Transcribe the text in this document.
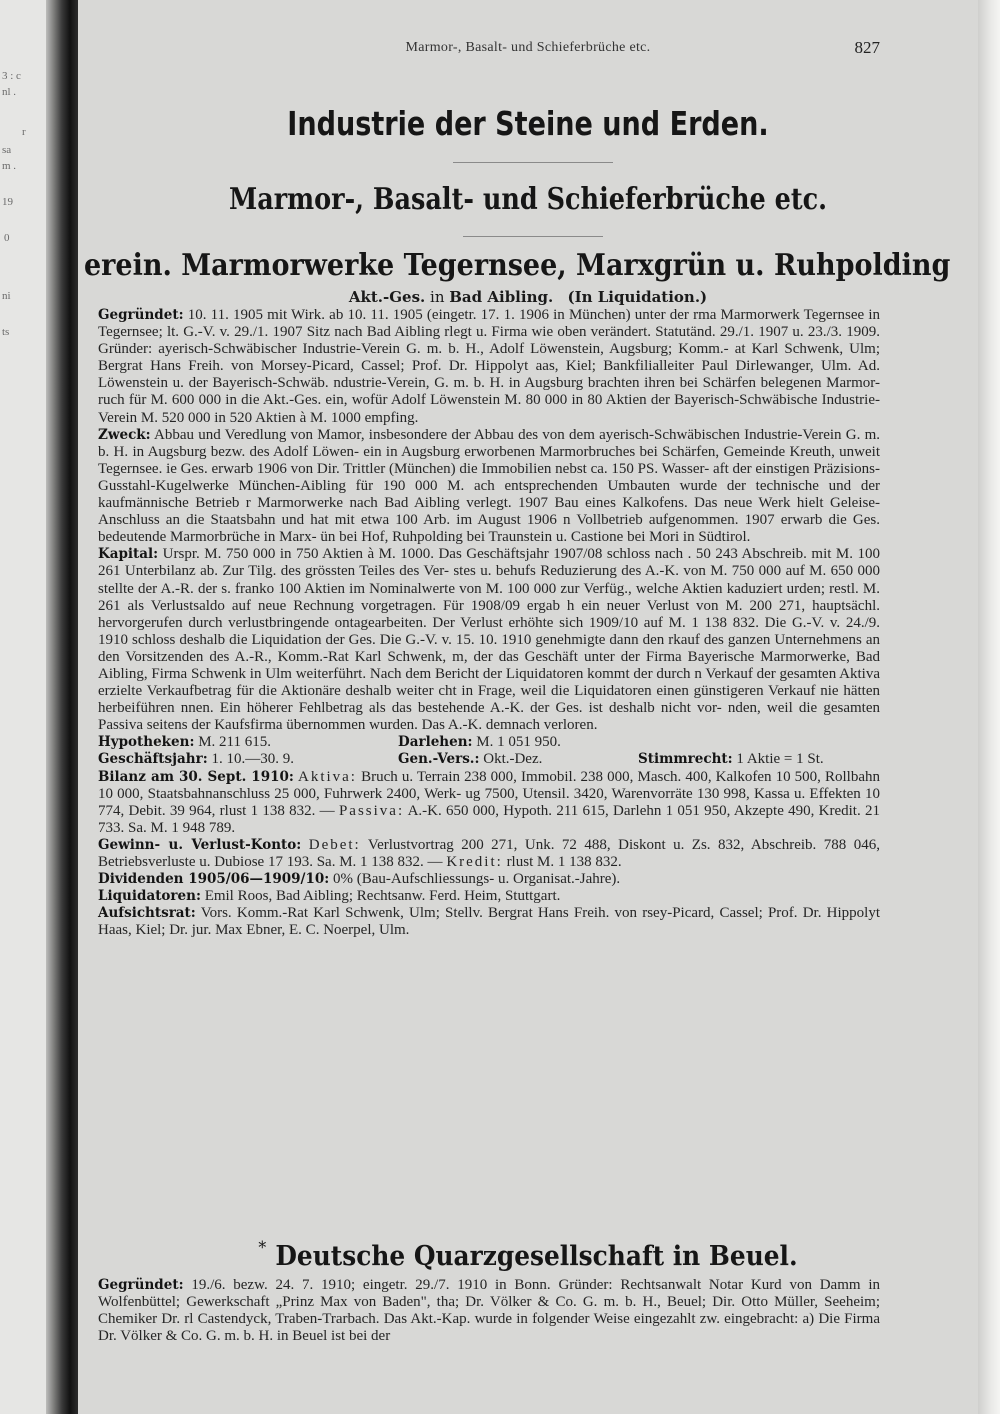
3 : c
nl .
r
sa
m .
19
0
ni
ts
Marmor-, Basalt- und Schieferbrüche etc.	827
Industrie der Steine und Erden.
Marmor-, Basalt- und Schieferbrüche etc.
erein. Marmorwerke Tegernsee, Marxgrün u. Ruhpolding
Akt.-Ges. in Bad Aibling. (In Liquidation.)

Gegründet: 10. 11. 1905 mit Wirk. ab 10. 11. 1905 (eingetr. 17. 1. 1906 in München) unter der rma Marmorwerk Tegernsee in Tegernsee; lt. G.-V. v. 29./1. 1907 Sitz nach Bad Aibling rlegt u. Firma wie oben verändert. Statutänd. 29./1. 1907 u. 23./3. 1909. Gründer: ayerisch-Schwäbischer Industrie-Verein G. m. b. H., Adolf Löwenstein, Augsburg; Komm.- at Karl Schwenk, Ulm; Bergrat Hans Freih. von Morsey-Picard, Cassel; Prof. Dr. Hippolyt aas, Kiel; Bankfilialleiter Paul Dirlewanger, Ulm. Ad. Löwenstein u. der Bayerisch-Schwäb. ndustrie-Verein, G. m. b. H. in Augsburg brachten ihren bei Schärfen belegenen Marmor- ruch für M. 600 000 in die Akt.-Ges. ein, wofür Adolf Löwenstein M. 80 000 in 80 Aktien der Bayerisch-Schwäbische Industrie-Verein M. 520 000 in 520 Aktien à M. 1000 empfing.

Zweck: Abbau und Veredlung von Mamor, insbesondere der Abbau des von dem ayerisch-Schwäbischen Industrie-Verein G. m. b. H. in Augsburg bezw. des Adolf Löwen- ein in Augsburg erworbenen Marmorbruches bei Schärfen, Gemeinde Kreuth, unweit Tegernsee. ie Ges. erwarb 1906 von Dir. Trittler (München) die Immobilien nebst ca. 150 PS. Wasser- aft der einstigen Präzisions-Gusstahl-Kugelwerke München-Aibling für 190 000 M. ach entsprechenden Umbauten wurde der technische und der kaufmännische Betrieb r Marmorwerke nach Bad Aibling verlegt. 1907 Bau eines Kalkofens. Das neue Werk hielt Geleise-Anschluss an die Staatsbahn und hat mit etwa 100 Arb. im August 1906 n Vollbetrieb aufgenommen. 1907 erwarb die Ges. bedeutende Marmorbrüche in Marx- ün bei Hof, Ruhpolding bei Traunstein u. Castione bei Mori in Südtirol.

Kapital: Urspr. M. 750 000 in 750 Aktien à M. 1000. Das Geschäftsjahr 1907/08 schloss nach . 50 243 Abschreib. mit M. 100 261 Unterbilanz ab. Zur Tilg. des grössten Teiles des Ver- stes u. behufs Reduzierung des A.-K. von M. 750 000 auf M. 650 000 stellte der A.-R. der s. franko 100 Aktien im Nominalwerte von M. 100 000 zur Verfüg., welche Aktien kaduziert urden; restl. M. 261 als Verlustsaldo auf neue Rechnung vorgetragen. Für 1908/09 ergab h ein neuer Verlust von M. 200 271, hauptsächl. hervorgerufen durch verlustbringende ontagearbeiten. Der Verlust erhöhte sich 1909/10 auf M. 1 138 832. Die G.-V. v. 24./9. 1910 schloss deshalb die Liquidation der Ges. Die G.-V. v. 15. 10. 1910 genehmigte dann den rkauf des ganzen Unternehmens an den Vorsitzenden des A.-R., Komm.-Rat Karl Schwenk, m, der das Geschäft unter der Firma Bayerische Marmorwerke, Bad Aibling, Firma Schwenk in Ulm weiterführt. Nach dem Bericht der Liquidatoren kommt der durch n Verkauf der gesamten Aktiva erzielte Verkaufbetrag für die Aktionäre deshalb weiter cht in Frage, weil die Liquidatoren einen günstigeren Verkauf nie hätten herbeiführen nnen. Ein höherer Fehlbetrag als das bestehende A.-K. der Ges. ist deshalb nicht vor- nden, weil die gesamten Passiva seitens der Kaufsfirma übernommen wurden. Das A.-K. demnach verloren.

Hypotheken: M. 211 615.	Darlehen: M. 1 051 950.
Geschäftsjahr: 1. 10.—30. 9.	Gen.-Vers.: Okt.-Dez.	Stimmrecht: 1 Aktie = 1 St.

Bilanz am 30. Sept. 1910: Aktiva: Bruch u. Terrain 238 000, Immobil. 238 000, Masch. 400, Kalkofen 10 500, Rollbahn 10 000, Staatsbahnanschluss 25 000, Fuhrwerk 2400, Werk- ug 7500, Utensil. 3420, Warenvorräte 130 998, Kassa u. Effekten 10 774, Debit. 39 964, rlust 1 138 832. — Passiva: A.-K. 650 000, Hypoth. 211 615, Darlehn 1 051 950, Akzepte 490, Kredit. 21 733. Sa. M. 1 948 789.

Gewinn- u. Verlust-Konto: Debet: Verlustvortrag 200 271, Unk. 72 488, Diskont u. Zs. 832, Abschreib. 788 046, Betriebsverluste u. Dubiose 17 193. Sa. M. 1 138 832. — Kredit: rlust M. 1 138 832.

Dividenden 1905/06—1909/10: 0% (Bau-Aufschliessungs- u. Organisat.-Jahre).

Liquidatoren: Emil Roos, Bad Aibling; Rechtsanw. Ferd. Heim, Stuttgart.

Aufsichtsrat: Vors. Komm.-Rat Karl Schwenk, Ulm; Stellv. Bergrat Hans Freih. von rsey-Picard, Cassel; Prof. Dr. Hippolyt Haas, Kiel; Dr. jur. Max Ebner, E. C. Noerpel, Ulm.

* Deutsche Quarzgesellschaft in Beuel.

Gegründet: 19./6. bezw. 24. 7. 1910; eingetr. 29./7. 1910 in Bonn. Gründer: Rechtsanwalt Notar Kurd von Damm in Wolfenbüttel; Gewerkschaft „Prinz Max von Baden", tha; Dr. Völker & Co. G. m. b. H., Beuel; Dir. Otto Müller, Seeheim; Chemiker Dr. rl Castendyck, Traben-Trarbach. Das Akt.-Kap. wurde in folgender Weise eingezahlt zw. eingebracht: a) Die Firma Dr. Völker & Co. G. m. b. H. in Beuel ist bei der
